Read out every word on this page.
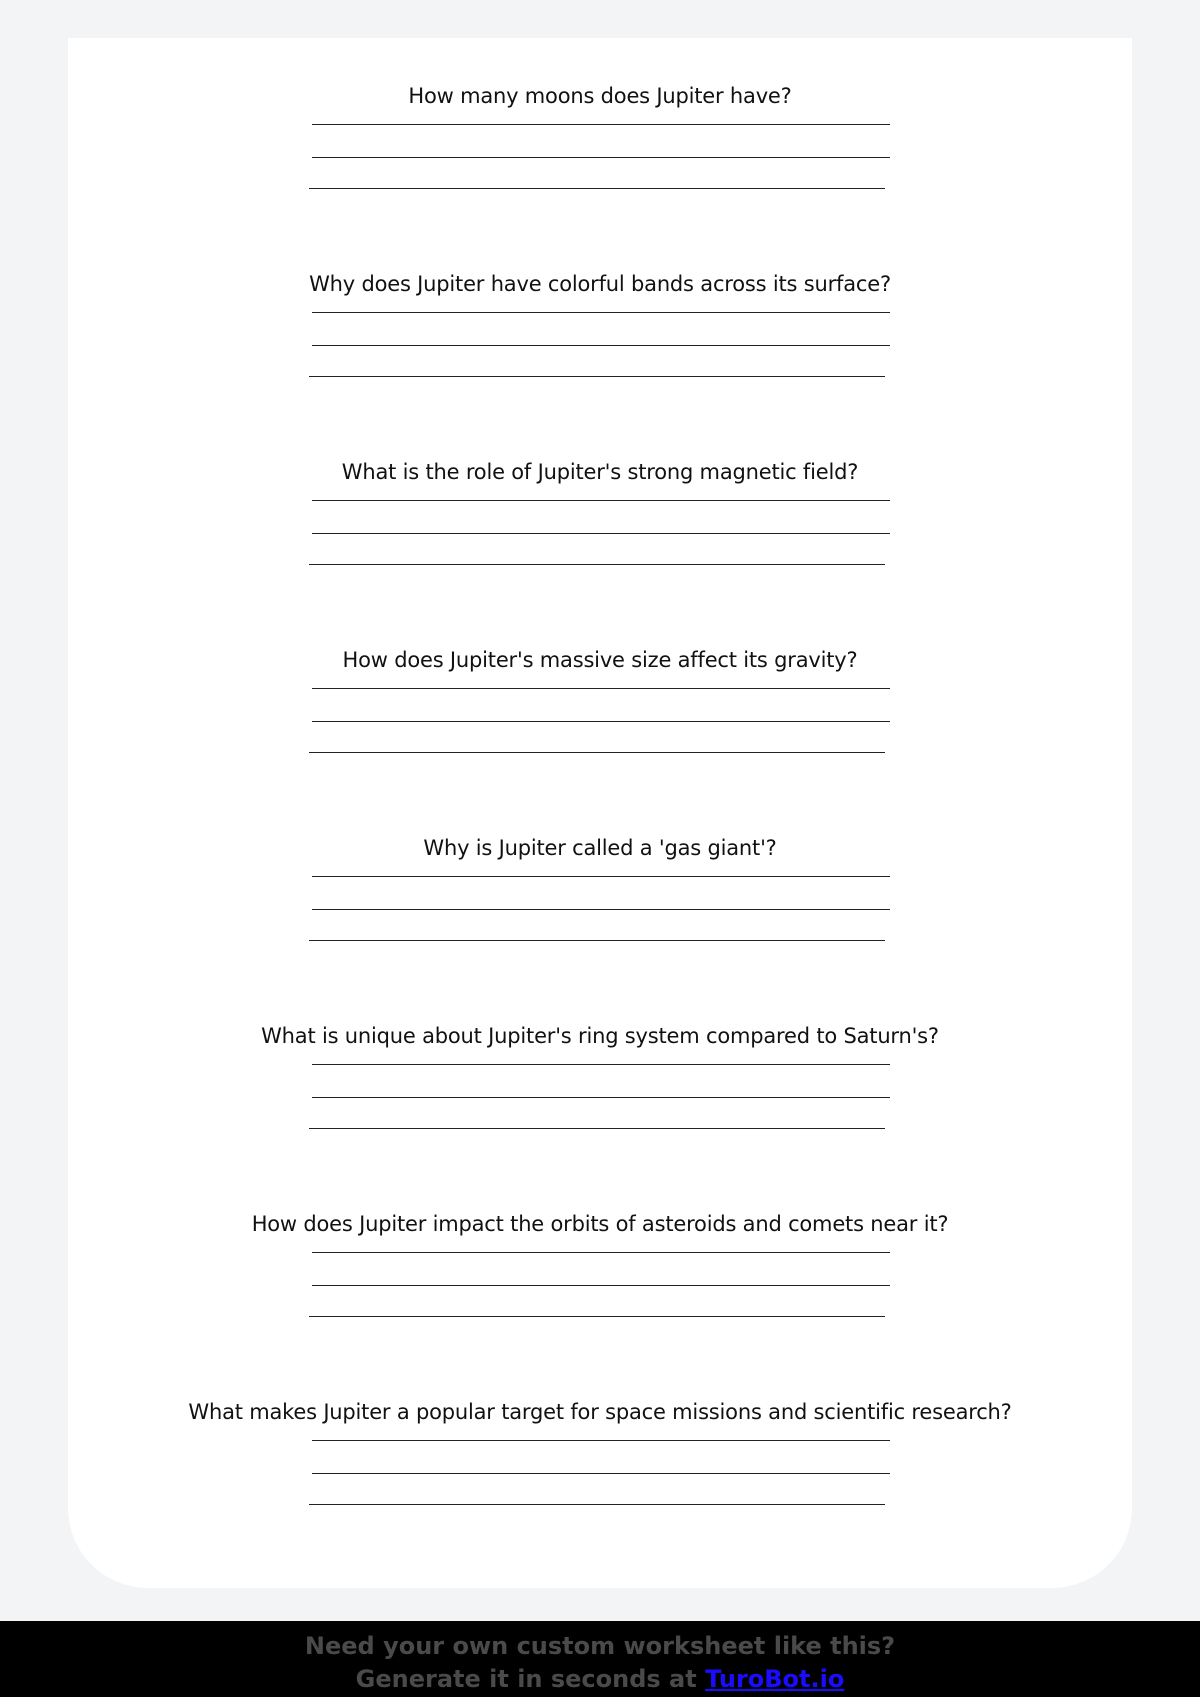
How many moons does Jupiter have?
Why does Jupiter have colorful bands across its surface?
What is the role of Jupiter's strong magnetic field?
How does Jupiter's massive size affect its gravity?
Why is Jupiter called a 'gas giant'?
What is unique about Jupiter's ring system compared to Saturn's?
How does Jupiter impact the orbits of asteroids and comets near it?
What makes Jupiter a popular target for space missions and scientific research?
Need your own custom worksheet like this?
Generate it in seconds at TuroBot.io
